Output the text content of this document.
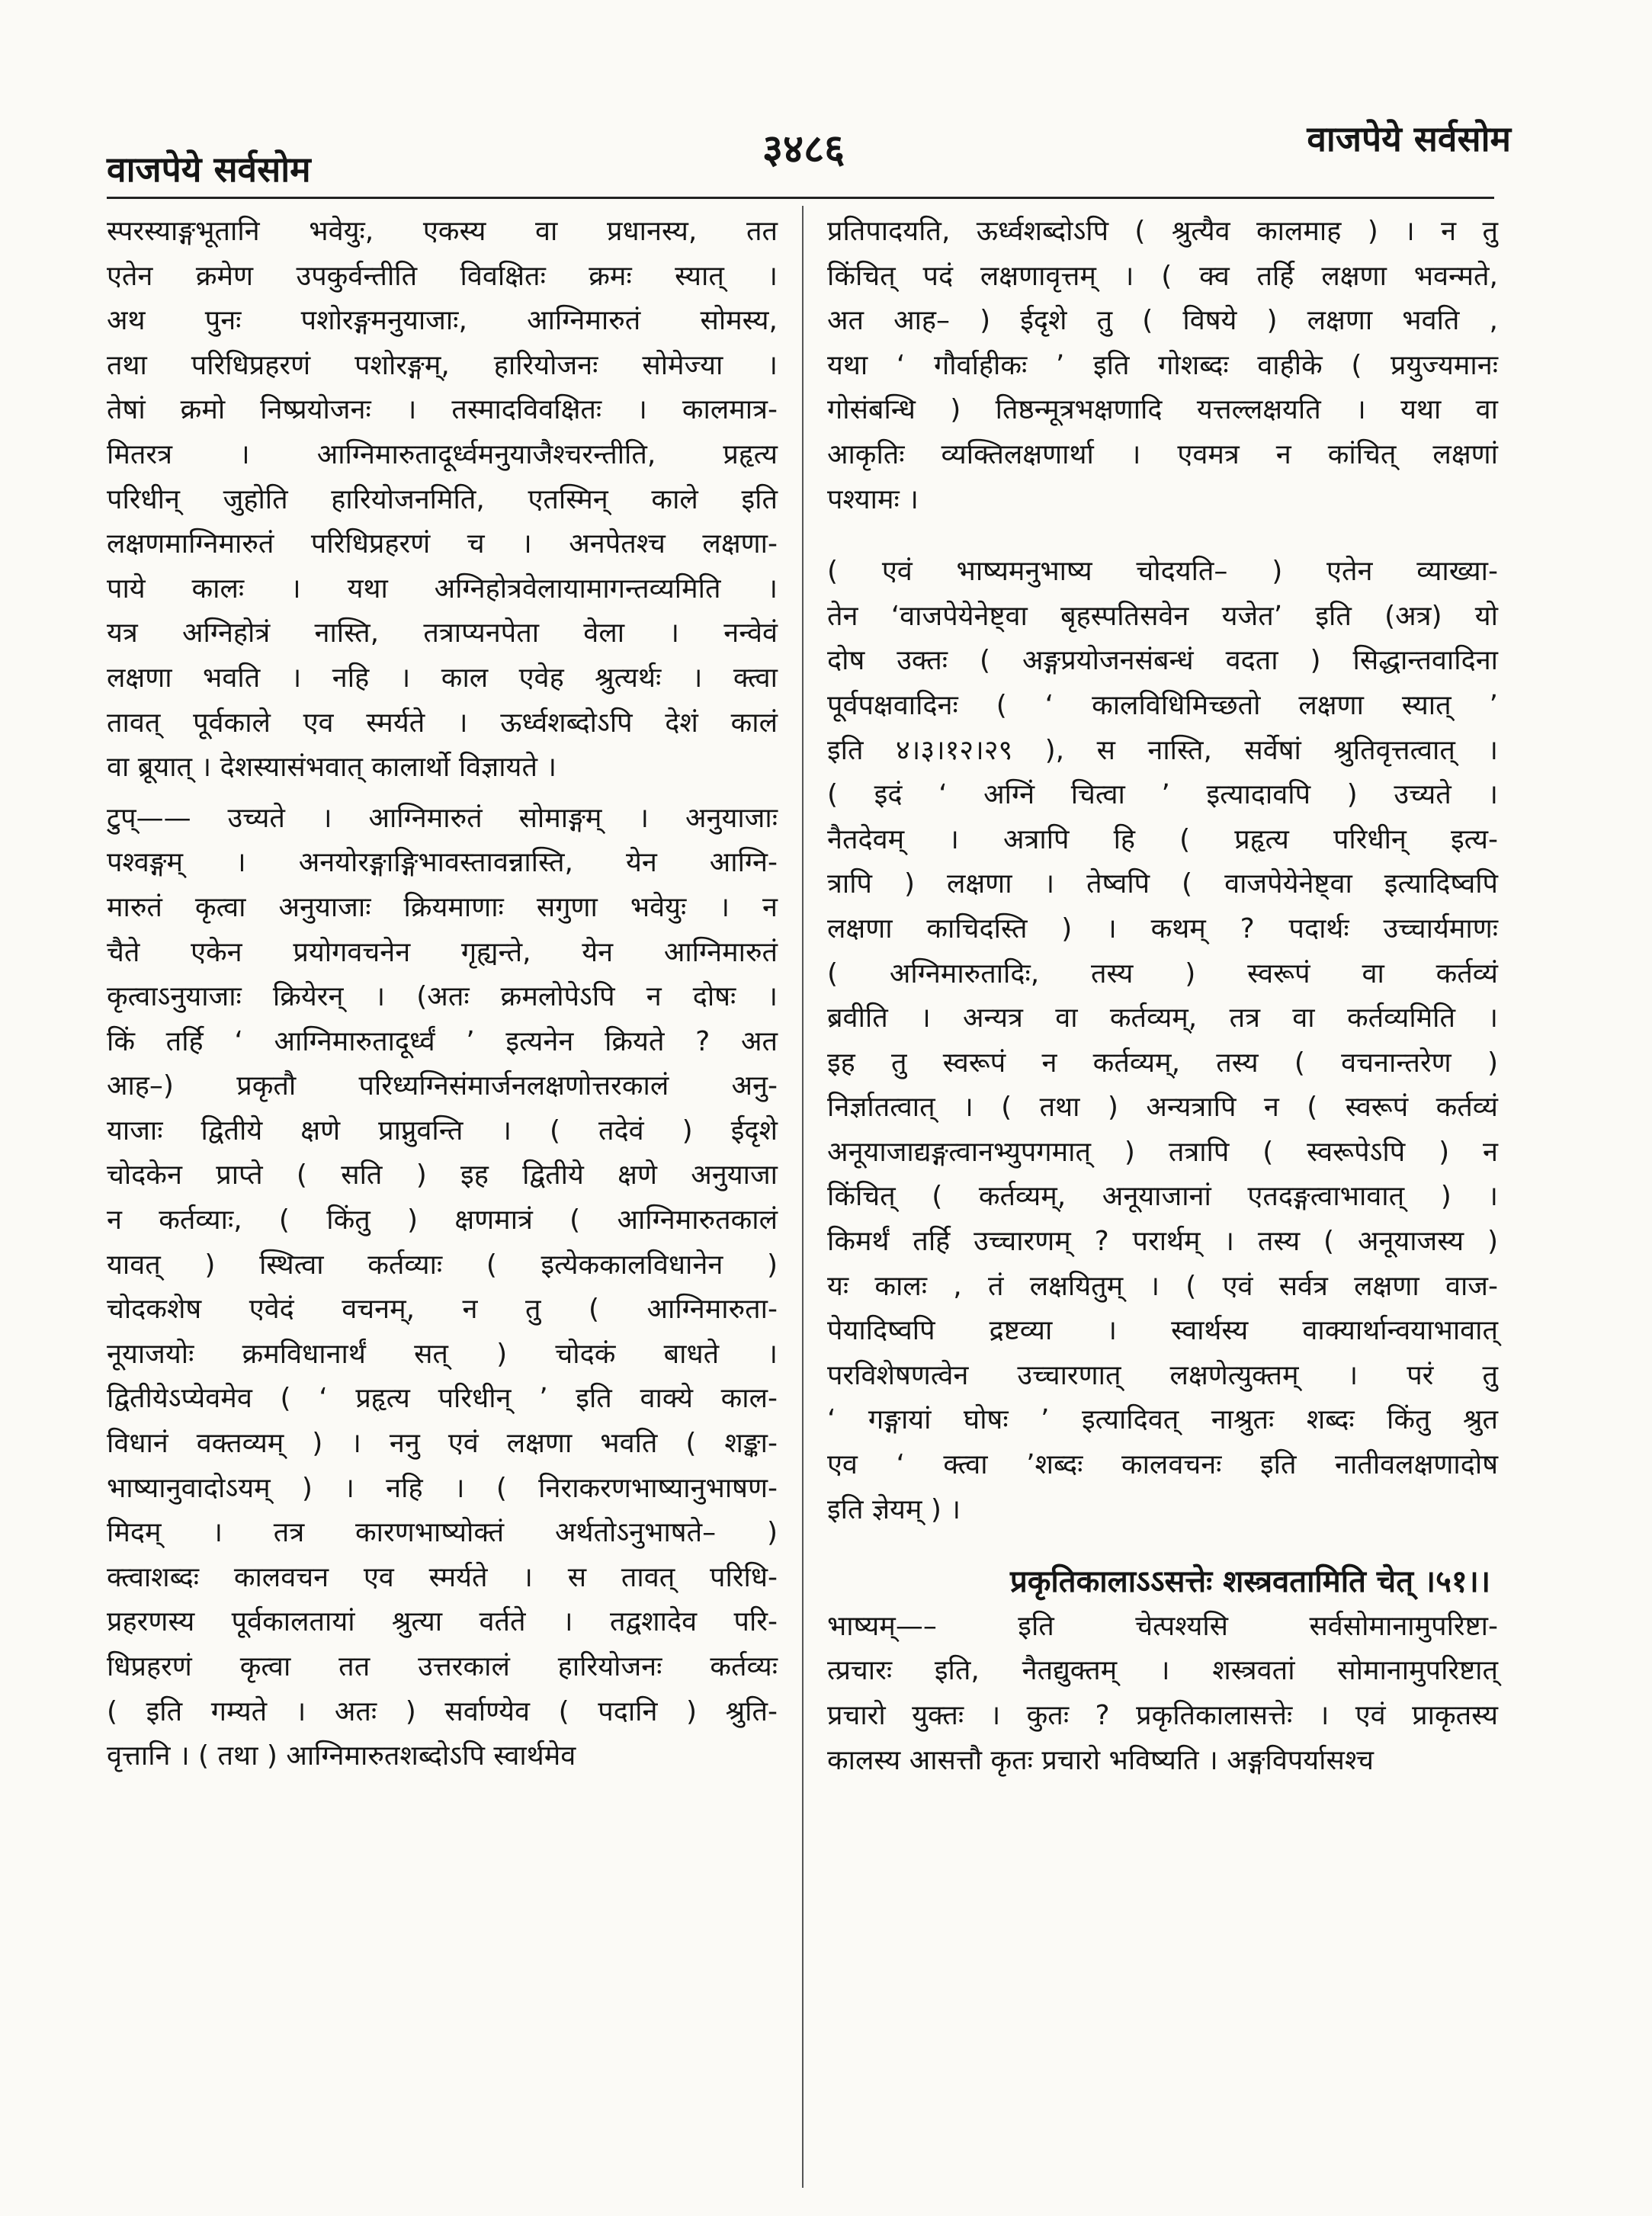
वाजपेये सर्वसोम	३४८६	वाजपेये सर्वसोम
स्परस्याङ्गभूतानि भवेयुः, एकस्य वा प्रधानस्य, तत
एतेन क्रमेण उपकुर्वन्तीति विवक्षितः क्रमः स्यात् ।
अथ पुनः पशोरङ्गमनुयाजाः, आग्निमारुतं सोमस्य,
तथा परिधिप्रहरणं पशोरङ्गम्, हारियोजनः सोमेज्या ।
तेषां क्रमो निष्प्रयोजनः । तस्मादविवक्षितः । कालमात्र-
मितरत्र । आग्निमारुतादूर्ध्वमनुयाजैश्चरन्तीति, प्रहृत्य
परिधीन् जुहोति हारियोजनमिति, एतस्मिन् काले इति
लक्षणमाग्निमारुतं परिधिप्रहरणं च । अनपेतश्च लक्षणा-
पाये कालः । यथा अग्निहोत्रवेलायामागन्तव्यमिति ।
यत्र अग्निहोत्रं नास्ति, तत्राप्यनपेता वेला । नन्वेवं
लक्षणा भवति । नहि । काल एवेह श्रुत्यर्थः । क्त्वा
तावत् पूर्वकाले एव स्मर्यते । ऊर्ध्वशब्दोऽपि देशं कालं
वा ब्रूयात् । देशस्यासंभवात् कालार्थो विज्ञायते ।
टुप्—— उच्यते । आग्निमारुतं सोमाङ्गम् । अनुयाजाः
पश्वङ्गम् । अनयोरङ्गाङ्गिभावस्तावन्नास्ति, येन आग्नि-
मारुतं कृत्वा अनुयाजाः क्रियमाणाः सगुणा भवेयुः । न
चैते एकेन प्रयोगवचनेन गृह्यन्ते, येन आग्निमारुतं
कृत्वाऽनुयाजाः क्रियेरन् । (अतः क्रमलोपेऽपि न दोषः ।
किं तर्हि ‘ आग्निमारुतादूर्ध्वं ’ इत्यनेन क्रियते ? अत
आह–) प्रकृतौ परिध्यग्निसंमार्जनलक्षणोत्तरकालं अनु-
याजाः द्वितीये क्षणे प्राप्नुवन्ति । ( तदेवं ) ईदृशे
चोदकेन प्राप्ते ( सति ) इह द्वितीये क्षणे अनुयाजा
न कर्तव्याः, ( किंतु ) क्षणमात्रं ( आग्निमारुतकालं
यावत् ) स्थित्वा कर्तव्याः ( इत्येककालविधानेन )
चोदकशेष एवेदं वचनम्, न तु ( आग्निमारुता-
नूयाजयोः क्रमविधानार्थं सत् ) चोदकं बाधते ।
द्वितीयेऽप्येवमेव ( ‘ प्रहृत्य परिधीन् ’ इति वाक्ये काल-
विधानं वक्तव्यम् ) । ननु एवं लक्षणा भवति ( शङ्का-
भाष्यानुवादोऽयम् ) । नहि । ( निराकरणभाष्यानुभाषण-
मिदम् । तत्र कारणभाष्योक्तं अर्थतोऽनुभाषते– )
क्त्वाशब्दः कालवचन एव स्मर्यते । स तावत् परिधि-
प्रहरणस्य पूर्वकालतायां श्रुत्या वर्तते । तद्वशादेव परि-
धिप्रहरणं कृत्वा तत उत्तरकालं हारियोजनः कर्तव्यः
( इति गम्यते । अतः ) सर्वाण्येव ( पदानि ) श्रुति-
वृत्तानि । ( तथा ) आग्निमारुतशब्दोऽपि स्वार्थमेव
प्रतिपादयति, ऊर्ध्वशब्दोऽपि ( श्रुत्यैव कालमाह ) । न तु
किंचित् पदं लक्षणावृत्तम् । ( क्व तर्हि लक्षणा भवन्मते,
अत आह– ) ईदृशे तु ( विषये ) लक्षणा भवति ,
यथा ‘ गौर्वाहीकः ’ इति गोशब्दः वाहीके ( प्रयुज्यमानः
गोसंबन्धि ) तिष्ठन्मूत्रभक्षणादि यत्तल्लक्षयति । यथा वा
आकृतिः व्यक्तिलक्षणार्था । एवमत्र न कांचित् लक्षणां
पश्यामः ।
( एवं भाष्यमनुभाष्य चोदयति– ) एतेन व्याख्या-
तेन ‘वाजपेयेनेष्ट्वा बृहस्पतिसवेन यजेत’ इति (अत्र) यो
दोष उक्तः ( अङ्गप्रयोजनसंबन्धं वदता ) सिद्धान्तवादिना
पूर्वपक्षवादिनः ( ‘ कालविधिमिच्छतो लक्षणा स्यात् ’
इति ४।३।१२।२९ ), स नास्ति, सर्वेषां श्रुतिवृत्तत्वात् ।
( इदं ‘ अग्निं चित्वा ’ इत्यादावपि ) उच्यते ।
नैतदेवम् । अत्रापि हि ( प्रहृत्य परिधीन् इत्य-
त्रापि ) लक्षणा । तेष्वपि ( वाजपेयेनेष्ट्वा इत्यादिष्वपि
लक्षणा काचिदस्ति ) । कथम् ? पदार्थः उच्चार्यमाणः
( अग्निमारुतादिः, तस्य ) स्वरूपं वा कर्तव्यं
ब्रवीति । अन्यत्र वा कर्तव्यम्, तत्र वा कर्तव्यमिति ।
इह तु स्वरूपं न कर्तव्यम्, तस्य ( वचनान्तरेण )
निर्ज्ञातत्वात् । ( तथा ) अन्यत्रापि न ( स्वरूपं कर्तव्यं
अनूयाजाद्यङ्गत्वानभ्युपगमात् ) तत्रापि ( स्वरूपेऽपि ) न
किंचित् ( कर्तव्यम्, अनूयाजानां एतदङ्गत्वाभावात् ) ।
किमर्थं तर्हि उच्चारणम् ? परार्थम् । तस्य ( अनूयाजस्य )
यः कालः , तं लक्षयितुम् । ( एवं सर्वत्र लक्षणा वाज-
पेयादिष्वपि द्रष्टव्या । स्वार्थस्य वाक्यार्थान्वयाभावात्
परविशेषणत्वेन उच्चारणात् लक्षणेत्युक्तम् । परं तु
‘ गङ्गायां घोषः ’ इत्यादिवत् नाश्रुतः शब्दः किंतु श्रुत
एव ‘ क्त्वा ’शब्दः कालवचनः इति नातीवलक्षणादोष
इति ज्ञेयम् ) ।
प्रकृतिकालाऽऽसत्तेः शस्त्रवतामिति चेत् ।५१।।
भाष्यम्—– इति चेत्पश्यसि सर्वसोमानामुपरिष्टा-
त्प्रचारः इति, नैतद्युक्तम् । शस्त्रवतां सोमानामुपरिष्टात्
प्रचारो युक्तः । कुतः ? प्रकृतिकालासत्तेः । एवं प्राकृतस्य
कालस्य आसत्तौ कृतः प्रचारो भविष्यति । अङ्गविपर्यासश्च
